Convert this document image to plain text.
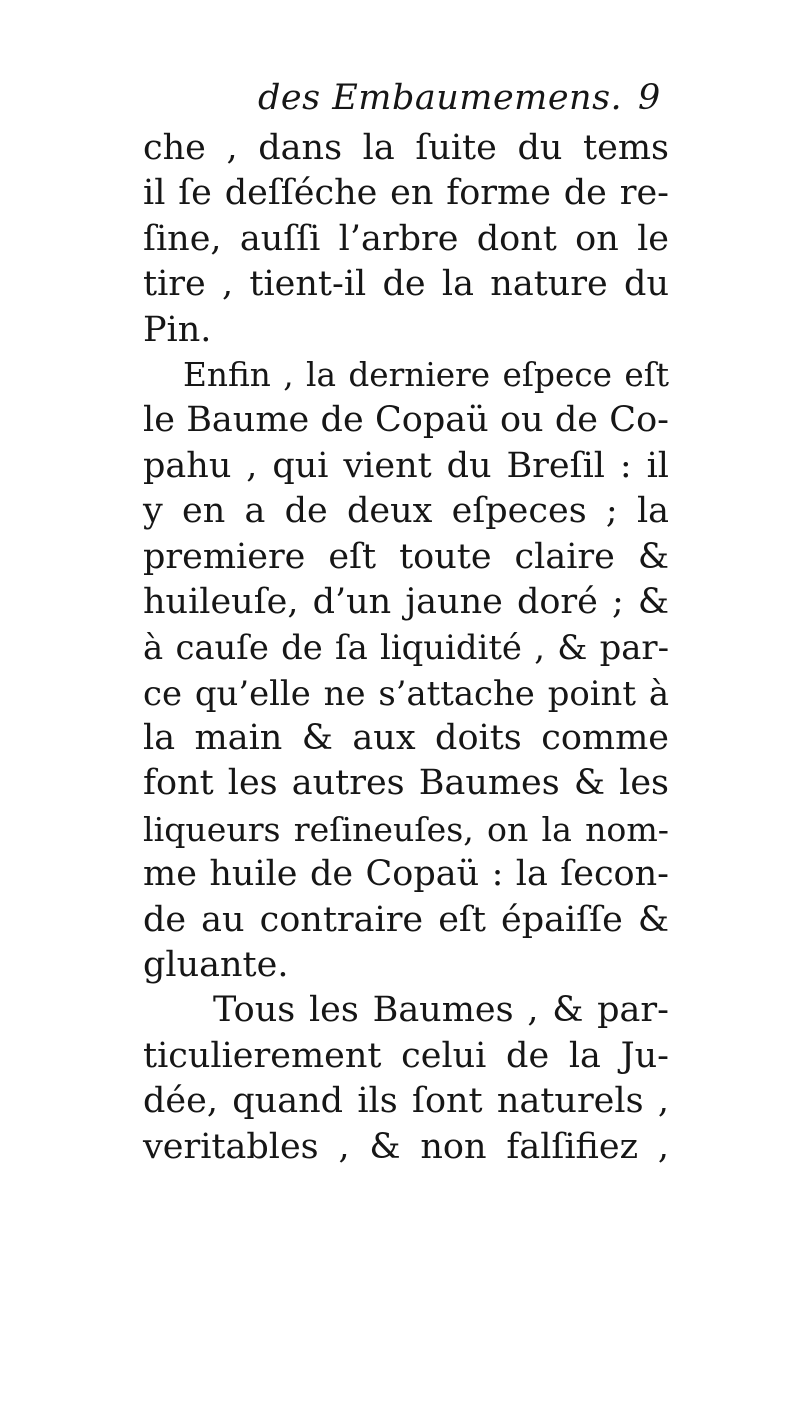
des Embaumemens. 9
che , dans la ſuite du tems
il ſe deſſéche en forme de re-
ſine, auſſi l’arbre dont on le
tire , tient-il de la nature du
Pin.
Enfin , la derniere eſpece eſt
le Baume de Copaü ou de Co-
pahu , qui vient du Breſil : il
y en a de deux eſpeces ; la
premiere eſt toute claire &
huileuſe, d’un jaune doré ; &
à cauſe de ſa liquidité , & par-
ce qu’elle ne s’attache point à
la main & aux doits comme
font les autres Baumes & les
liqueurs reſineuſes, on la nom-
me huile de Copaü : la ſecon-
de au contraire eſt épaiſſe &
gluante.
Tous les Baumes , & par-
ticulierement celui de la Ju-
dée, quand ils ſont naturels ,
veritables , & non falſifiez ,
